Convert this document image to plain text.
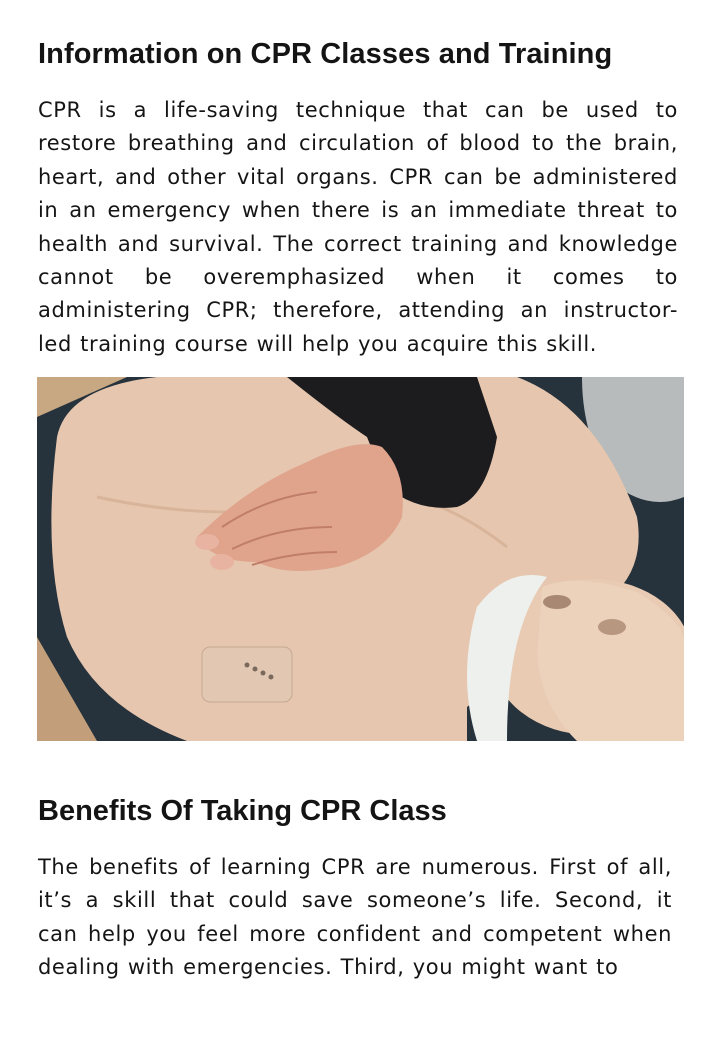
Information on CPR Classes and Training

CPR is a life-saving technique that can be used to restore breathing and circulation of blood to the brain, heart, and other vital organs. CPR can be administered in an emergency when there is an immediate threat to health and survival. The correct training and knowledge cannot be overemphasized when it comes to administering CPR; therefore, attending an instructor- led training course will help you acquire this skill.

Benefits Of Taking CPR Class

The benefits of learning CPR are numerous. First of all, it’s a skill that could save someone’s life. Second, it can help you feel more confident and competent when dealing with emergencies. Third, you might want to
